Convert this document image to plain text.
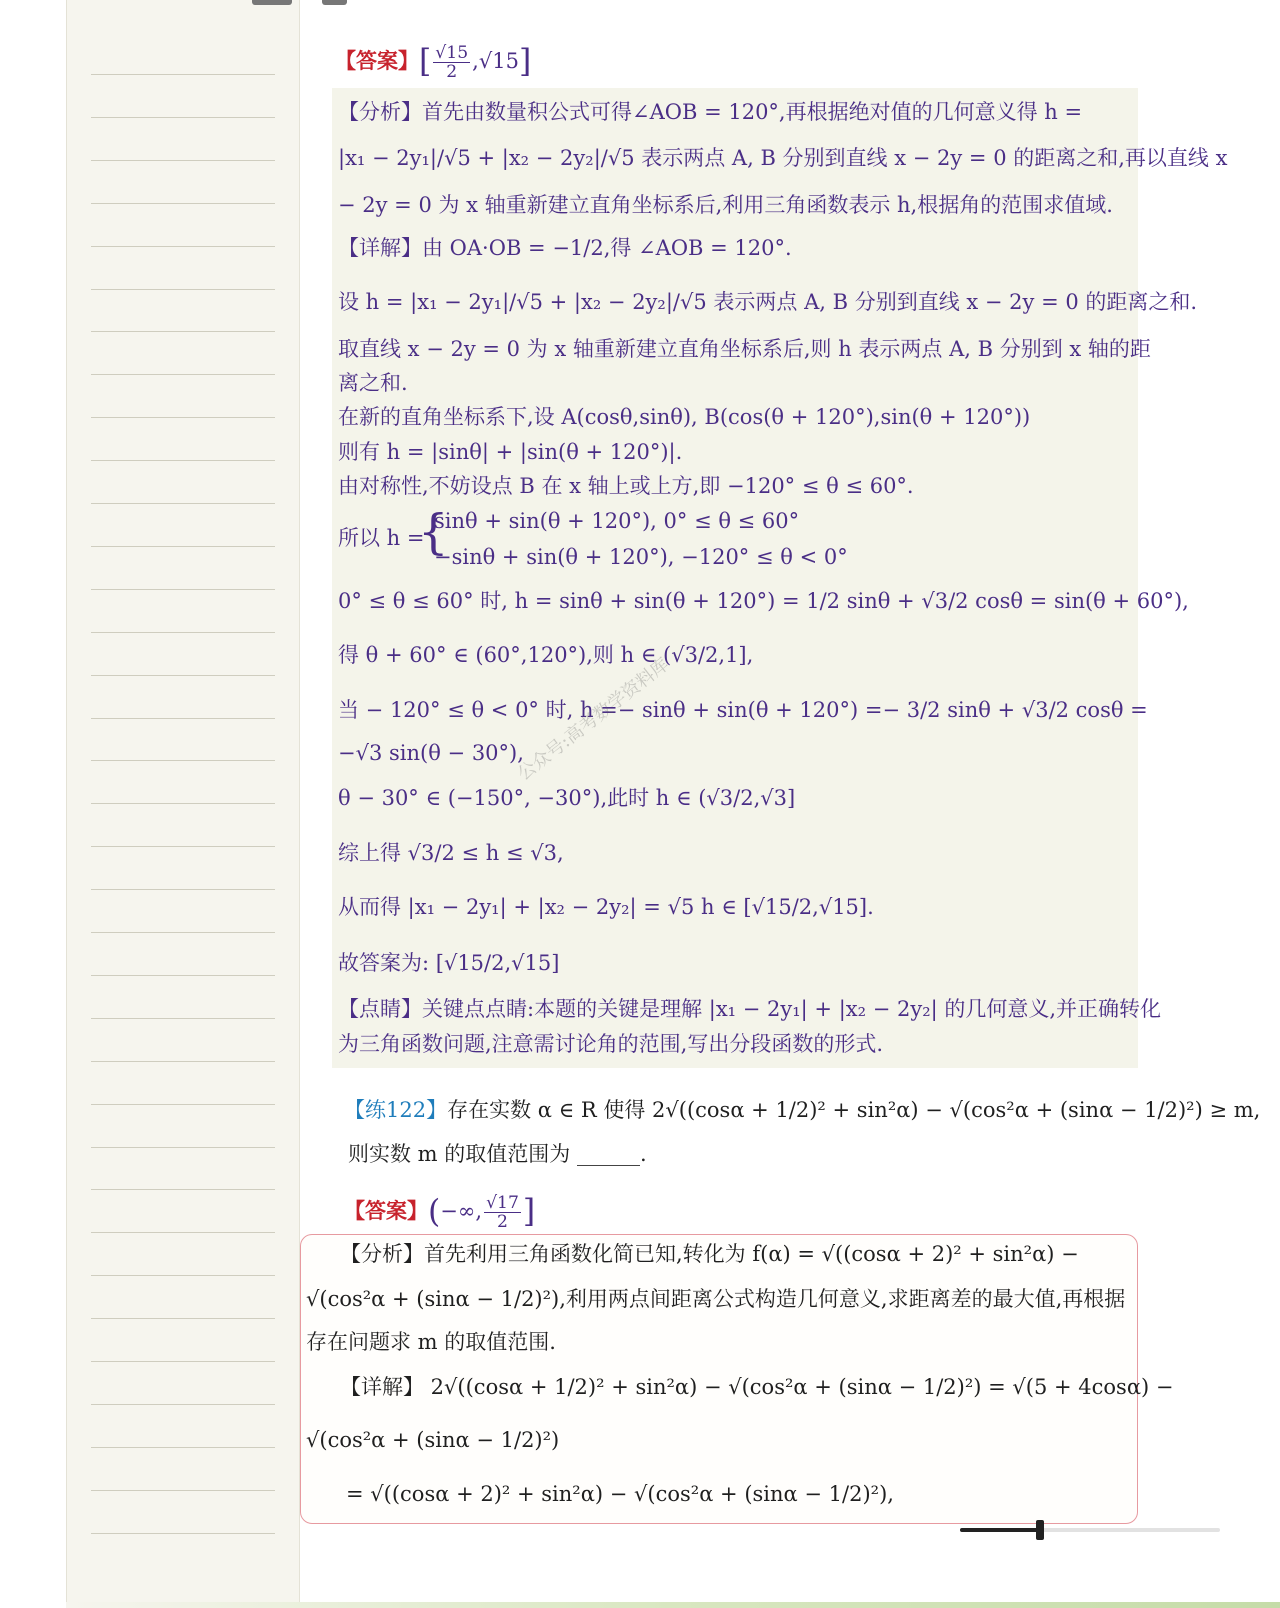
【答案】[ $\frac{√15}{2} ,√15$]
【分析】首先由数量积公式可得∠AOB = 120°,再根据绝对值的几何意义得 h =
|x₁ − 2y₁|/√5 + |x₂ − 2y₂|/√5 表示两点 A, B 分别到直线 x − 2y = 0 的距离之和,再以直线 x
− 2y = 0 为 x 轴重新建立直角坐标系后,利用三角函数表示 h,根据角的范围求值域.
【详解】由 OA·OB = −1/2,得 ∠AOB = 120°.
设 h = |x₁ − 2y₁|/√5 + |x₂ − 2y₂|/√5 表示两点 A, B 分别到直线 x − 2y = 0 的距离之和.
取直线 x − 2y = 0 为 x 轴重新建立直角坐标系后,则 h 表示两点 A, B 分别到 x 轴的距
离之和.
在新的直角坐标系下,设 A(cosθ,sinθ), B(cos(θ + 120°),sin(θ + 120°))
则有 h = |sinθ| + |sin(θ + 120°)|.
由对称性,不妨设点 B 在 x 轴上或上方,即 −120° ≤ θ ≤ 60°.
所以 h =
{
sinθ + sin(θ + 120°), 0° ≤ θ ≤ 60°
−sinθ + sin(θ + 120°), −120° ≤ θ < 0°
0° ≤ θ ≤ 60° 时, h = sinθ + sin(θ + 120°) = 1/2 sinθ + √3/2 cosθ = sin(θ + 60°),
得 θ + 60° ∈ (60°,120°),则 h ∈ (√3/2,1],
当 − 120° ≤ θ < 0° 时, h =− sinθ + sin(θ + 120°) =− 3/2 sinθ + √3/2 cosθ =
−√3 sin(θ − 30°),
θ − 30° ∈ (−150°, −30°),此时 h ∈ (√3/2,√3]
综上得 √3/2 ≤ h ≤ √3,
从而得 |x₁ − 2y₁| + |x₂ − 2y₂| = √5 h ∈ [√15/2,√15].
故答案为: [√15/2,√15]
【点睛】关键点点睛:本题的关键是理解 |x₁ − 2y₁| + |x₂ − 2y₂| 的几何意义,并正确转化
为三角函数问题,注意需讨论角的范围,写出分段函数的形式.
公众号:高考数学资料库
【练122】存在实数 α ∈ R 使得 2√((cosα + 1/2)² + sin²α) − √(cos²α + (sinα − 1/2)²) ≥ m,
则实数 m 的取值范围为 ______.
【答案】(−∞, $\frac{√17}{2}$ ]
【分析】首先利用三角函数化简已知,转化为 f(α) = √((cosα + 2)² + sin²α) −
√(cos²α + (sinα − 1/2)²),利用两点间距离公式构造几何意义,求距离差的最大值,再根据
存在问题求 m 的取值范围.
【详解】 2√((cosα + 1/2)² + sin²α) − √(cos²α + (sinα − 1/2)²) = √(5 + 4cosα) −
√(cos²α + (sinα − 1/2)²)
= √((cosα + 2)² + sin²α) − √(cos²α + (sinα − 1/2)²),
